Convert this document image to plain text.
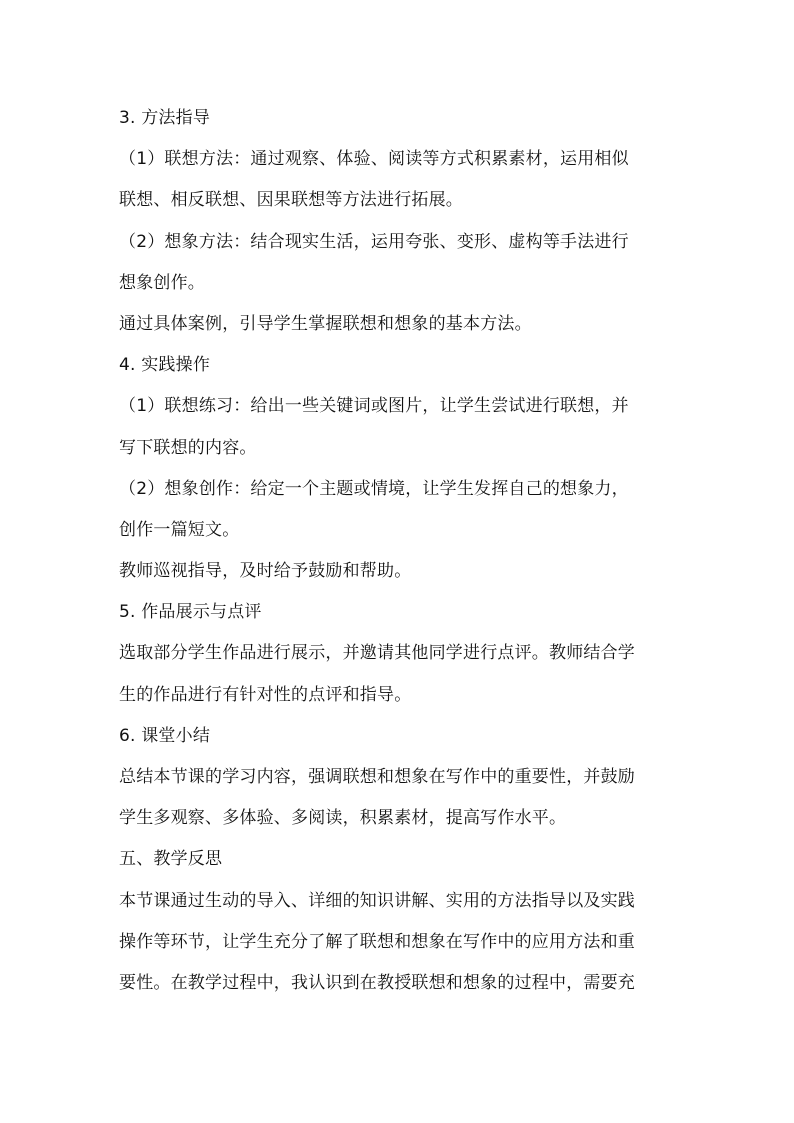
3. 方法指导
（1）联想方法：通过观察、体验、阅读等方式积累素材，运用相似
联想、相反联想、因果联想等方法进行拓展。
（2）想象方法：结合现实生活，运用夸张、变形、虚构等手法进行
想象创作。
通过具体案例，引导学生掌握联想和想象的基本方法。
4. 实践操作
（1）联想练习：给出一些关键词或图片，让学生尝试进行联想，并
写下联想的内容。
（2）想象创作：给定一个主题或情境，让学生发挥自己的想象力，
创作一篇短文。
教师巡视指导，及时给予鼓励和帮助。
5. 作品展示与点评
选取部分学生作品进行展示，并邀请其他同学进行点评。教师结合学
生的作品进行有针对性的点评和指导。
6. 课堂小结
总结本节课的学习内容，强调联想和想象在写作中的重要性，并鼓励
学生多观察、多体验、多阅读，积累素材，提高写作水平。
五、教学反思
本节课通过生动的导入、详细的知识讲解、实用的方法指导以及实践
操作等环节，让学生充分了解了联想和想象在写作中的应用方法和重
要性。在教学过程中，我认识到在教授联想和想象的过程中，需要充
